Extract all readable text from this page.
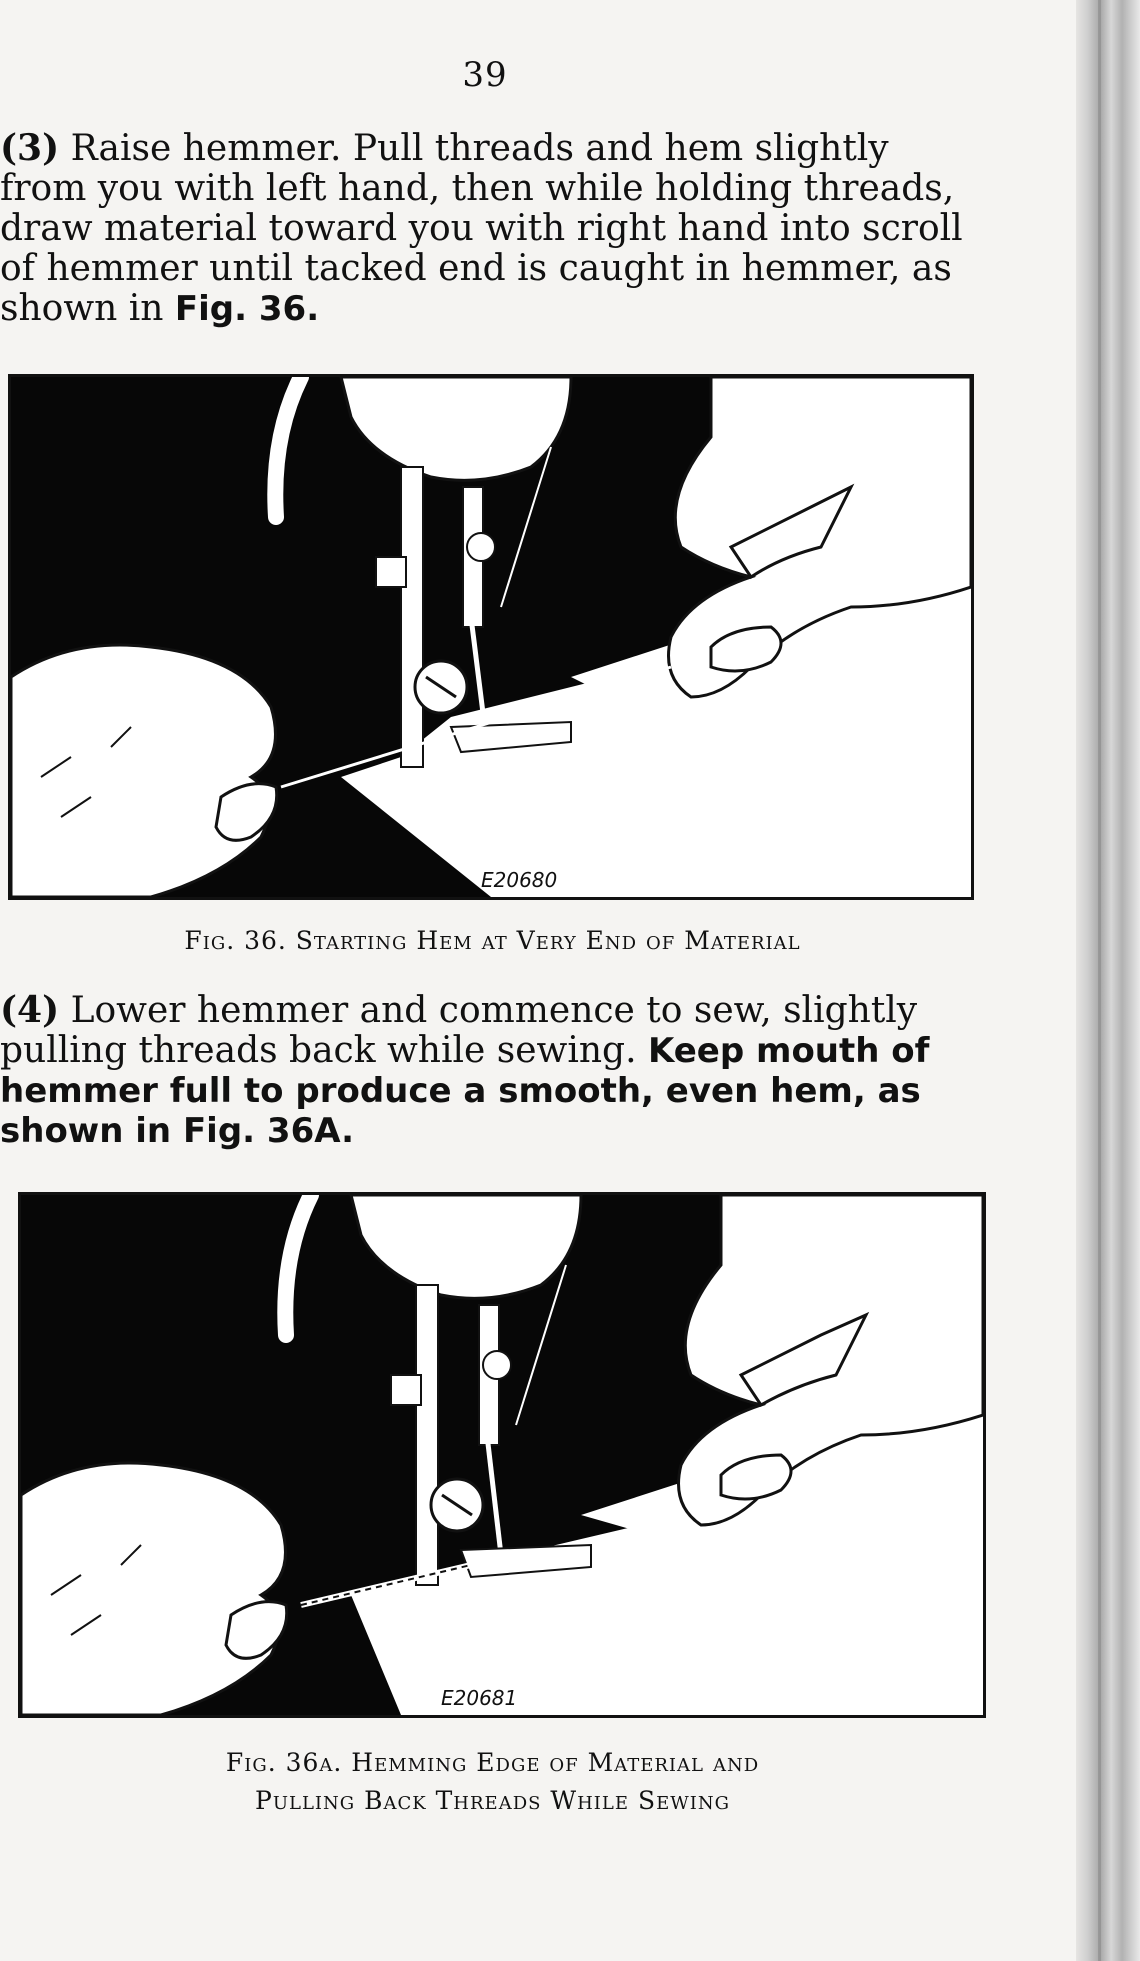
39

(3) Raise hemmer. Pull threads and hem slightly from you with left hand, then while holding threads, draw material toward you with right hand into scroll of hemmer until tacked end is caught in hemmer, as shown in Fig. 36.

E20680
Fig. 36. Starting Hem at Very End of Material

(4) Lower hemmer and commence to sew, slightly pulling threads back while sewing. Keep mouth of hemmer full to produce a smooth, even hem, as shown in Fig. 36A.

E20681
Fig. 36a. Hemming Edge of Material and
Pulling Back Threads While Sewing
